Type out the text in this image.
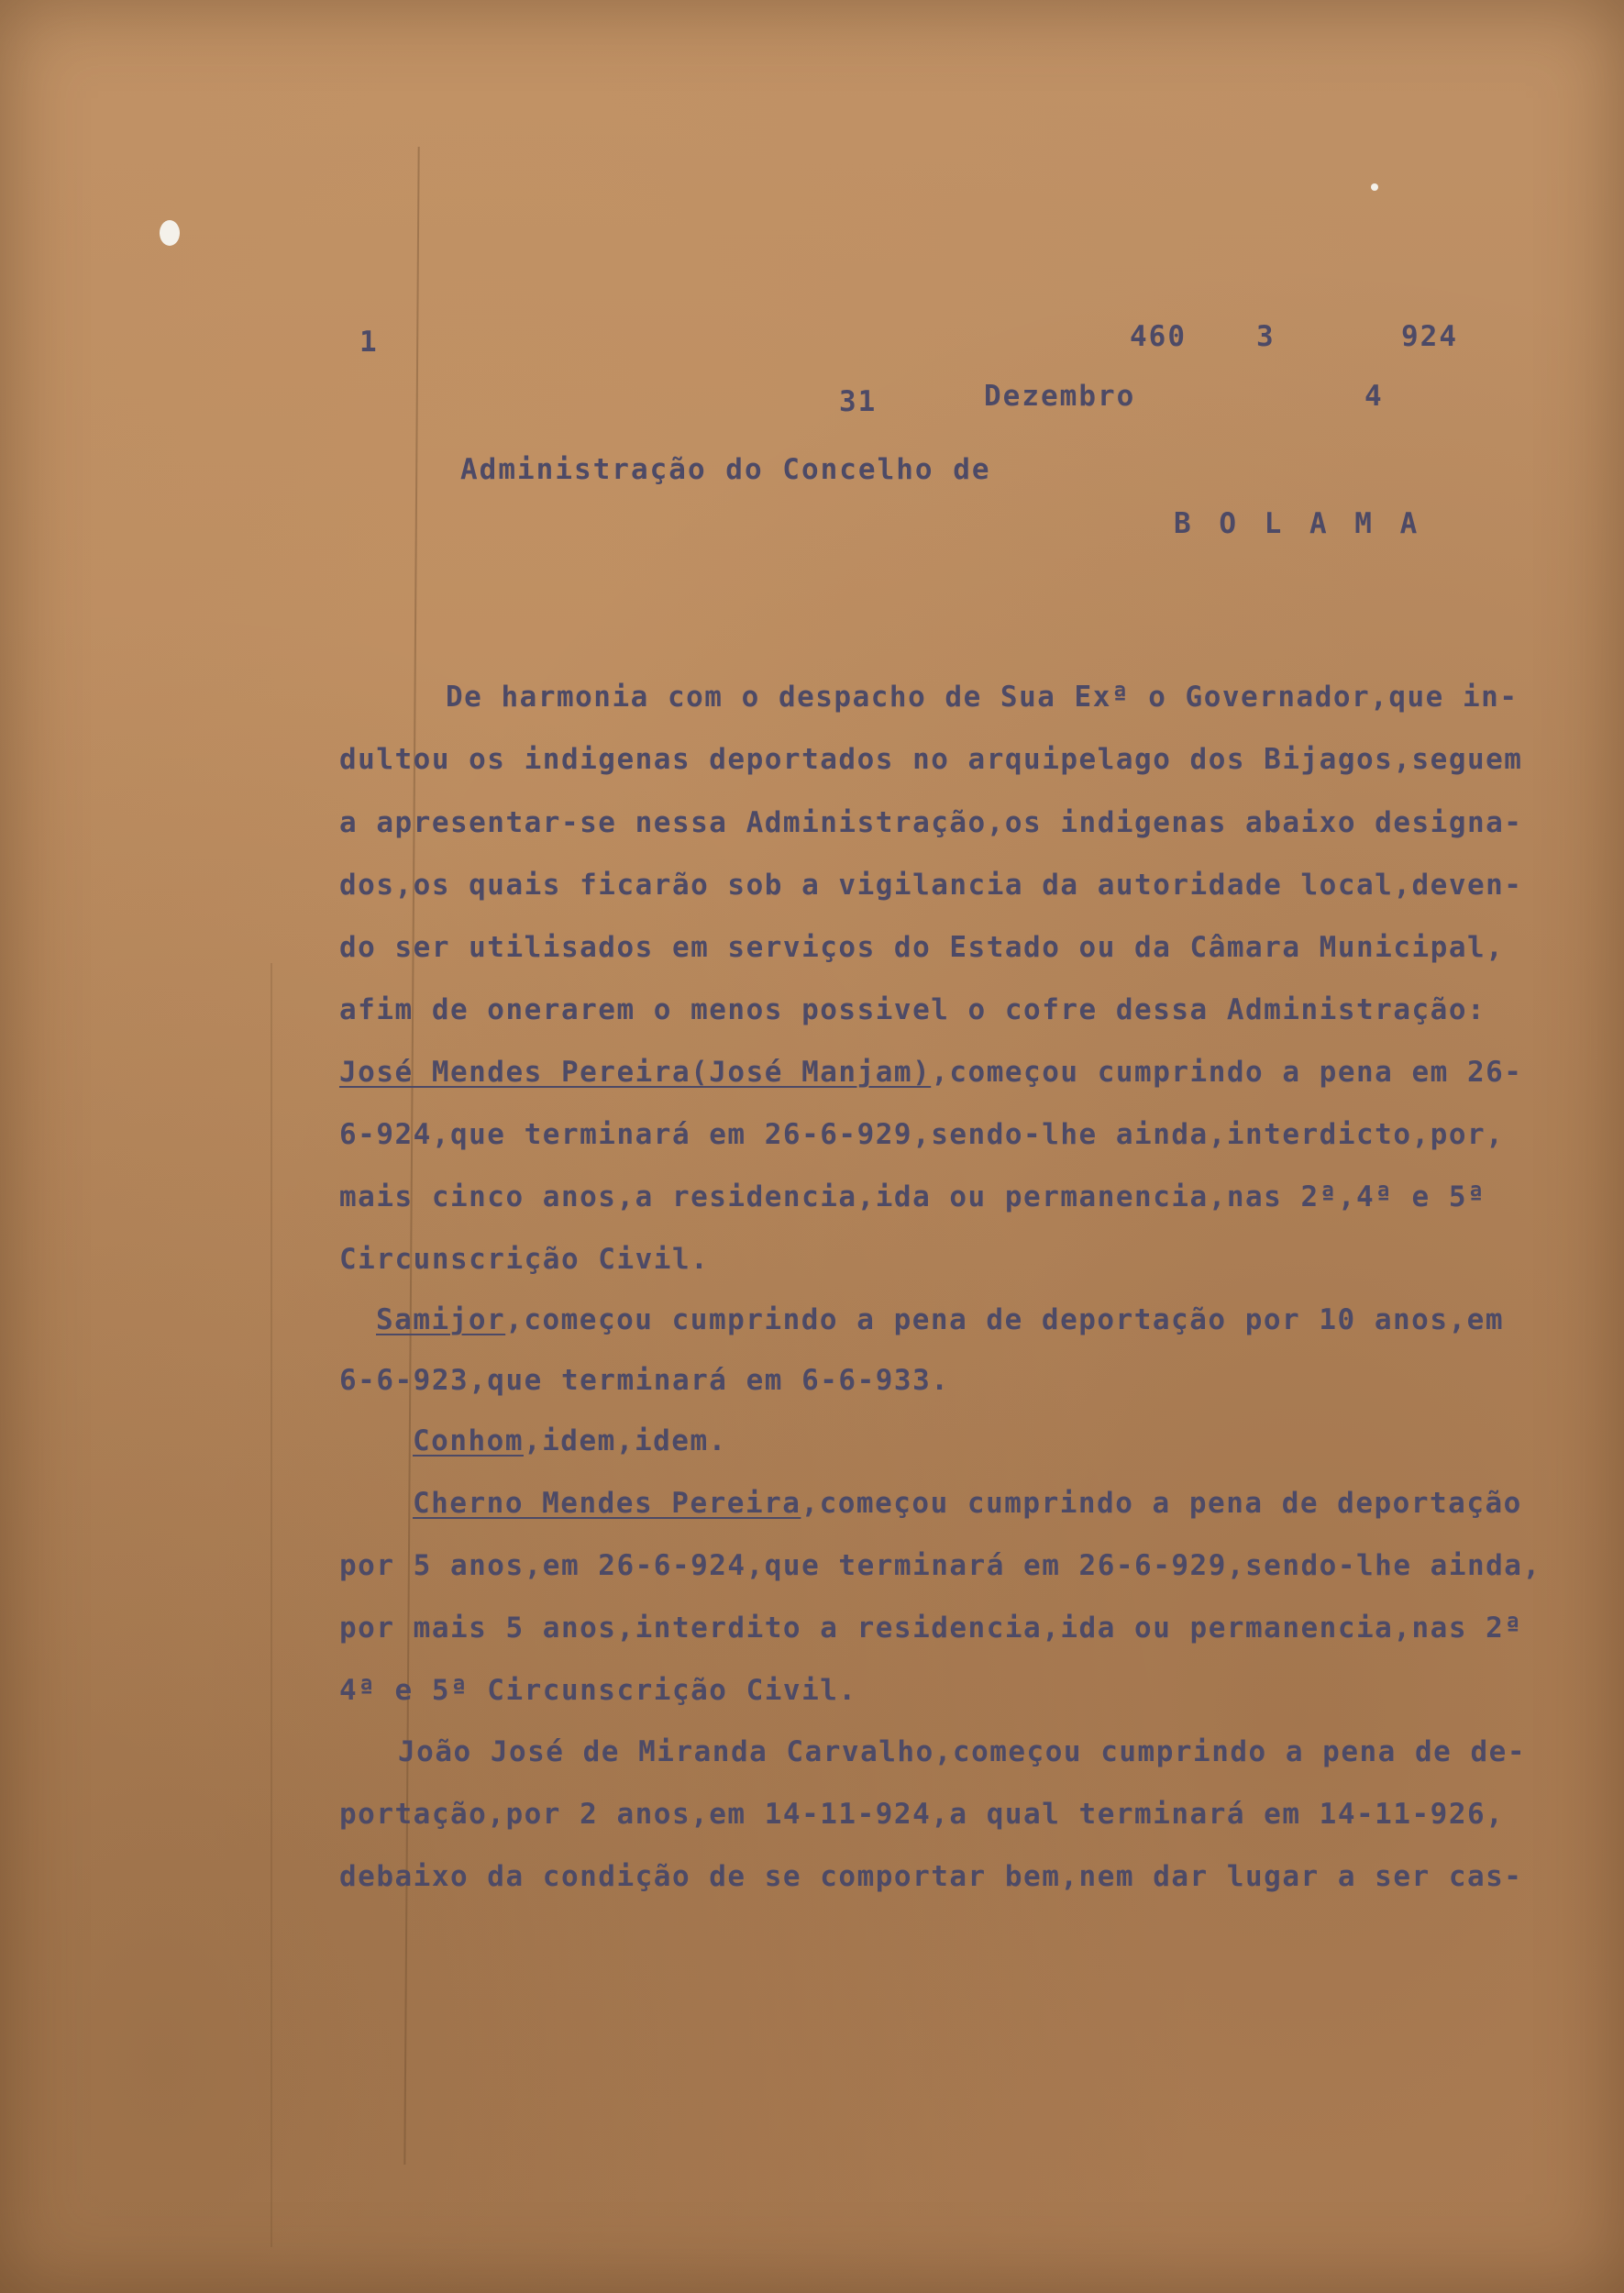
1	460 3	924
31	Dezembro	4
Administração do Concelho de
B O L A M A
De harmonia com o despacho de Sua Exª o Governador,que in-
dultou os indigenas deportados no arquipelago dos Bijagos,seguem
a apresentar-se nessa Administração,os indigenas abaixo designa-
dos,os quais ficarão sob a vigilancia da autoridade local,deven-
do ser utilisados em serviços do Estado ou da Câmara Municipal,
afim de onerarem o menos possivel o cofre dessa Administração:
José Mendes Pereira(José Manjam),começou cumprindo a pena em 26-
6-924,que terminará em 26-6-929,sendo-lhe ainda,interdicto,por,
mais cinco anos,a residencia,ida ou permanencia,nas 2ª,4ª e 5ª
Circunscrição Civil.
Samijor,começou cumprindo a pena de deportação por 10 anos,em
6-6-923,que terminará em 6-6-933.
Conhom,idem,idem.
Cherno Mendes Pereira,começou cumprindo a pena de deportação
por 5 anos,em 26-6-924,que terminará em 26-6-929,sendo-lhe ainda,
por mais 5 anos,interdito a residencia,ida ou permanencia,nas 2ª
4ª e 5ª Circunscrição Civil.
João José de Miranda Carvalho,começou cumprindo a pena de de-
portação,por 2 anos,em 14-11-924,a qual terminará em 14-11-926,
debaixo da condição de se comportar bem,nem dar lugar a ser cas-
